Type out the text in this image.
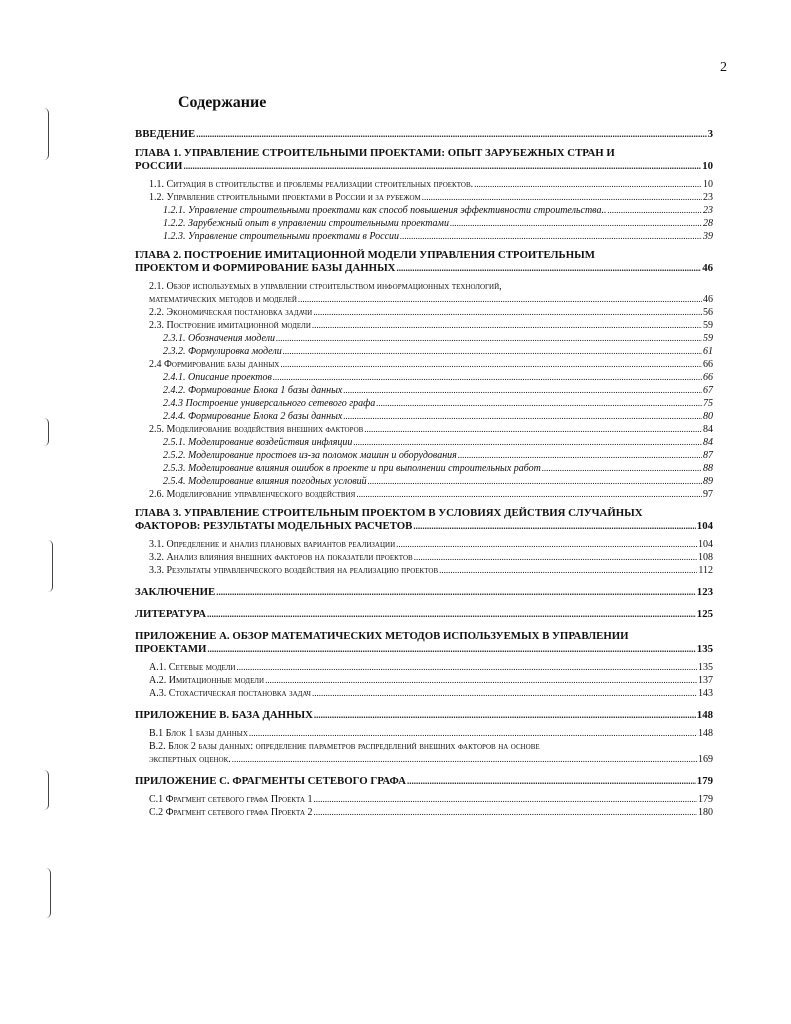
2
Содержание
ВВЕДЕНИЕ .....	3
ГЛАВА 1. УПРАВЛЕНИЕ СТРОИТЕЛЬНЫМИ ПРОЕКТАМИ: ОПЫТ ЗАРУБЕЖНЫХ СТРАН И
РОССИИ .....	10
1.1. Ситуация в строительстве и проблемы реализации строительных проектов. .....	10
1.2. Управление строительными проектами в России и за рубежом .....	23
1.2.1. Управление строительными проектами как способ повышения эффективности строительства.. .....	23
1.2.2. Зарубежный опыт в управлении строительными проектами .....	28
1.2.3. Управление строительными проектами в России .....	39
ГЛАВА 2. ПОСТРОЕНИЕ ИМИТАЦИОННОЙ МОДЕЛИ УПРАВЛЕНИЯ СТРОИТЕЛЬНЫМ
ПРОЕКТОМ И ФОРМИРОВАНИЕ БАЗЫ ДАННЫХ .....	46
2.1. Обзор используемых в управлении строительством информационных технологий,
математических методов и моделей .....	46
2.2. Экономическая постановка задачи .....	56
2.3. Построение имитационной модели .....	59
2.3.1. Обозначения модели .....	59
2.3.2. Формулировка модели .....	61
2.4 Формирование базы данных .....	66
2.4.1. Описание проектов .....	66
2.4.2. Формирование Блока 1 базы данных .....	67
2.4.3 Построение универсального сетевого графа .....	75
2.4.4. Формирование Блока 2 базы данных .....	80
2.5. Моделирование воздействия внешних факторов .....	84
2.5.1. Моделирование воздействия инфляции .....	84
2.5.2. Моделирование простоев из-за поломок машин и оборудования .....	87
2.5.3. Моделирование влияния ошибок в проекте и при выполнении строительных работ .....	88
2.5.4. Моделирование влияния погодных условий .....	89
2.6. Моделирование управленческого воздействия .....	97
ГЛАВА 3. УПРАВЛЕНИЕ СТРОИТЕЛЬНЫМ ПРОЕКТОМ В УСЛОВИЯХ ДЕЙСТВИЯ СЛУЧАЙНЫХ
ФАКТОРОВ: РЕЗУЛЬТАТЫ МОДЕЛЬНЫХ РАСЧЕТОВ .....	104
3.1. Определение и анализ плановых вариантов реализации .....	104
3.2. Анализ влияния внешних факторов на показатели проектов .....	108
3.3. Результаты управленческого воздействия на реализацию проектов .....	112
ЗАКЛЮЧЕНИЕ .....	123
ЛИТЕРАТУРА .....	125
ПРИЛОЖЕНИЕ А. ОБЗОР МАТЕМАТИЧЕСКИХ МЕТОДОВ ИСПОЛЬЗУЕМЫХ В УПРАВЛЕНИИ
ПРОЕКТАМИ .....	135
А.1. Сетевые модели .....	135
А.2. Имитационные модели .....	137
А.3. Стохастическая постановка задач .....	143
ПРИЛОЖЕНИЕ В. БАЗА ДАННЫХ .....	148
В.1 Блок 1 базы данных .....	148
В.2. Блок 2 базы данных: определение параметров распределений внешних факторов на основе
экспертных оценок. .....	169
ПРИЛОЖЕНИЕ С. ФРАГМЕНТЫ СЕТЕВОГО ГРАФА .....	179
С.1 Фрагмент сетевого графа Проекта 1 .....	179
С.2 Фрагмент сетевого графа Проекта 2 .....	180
